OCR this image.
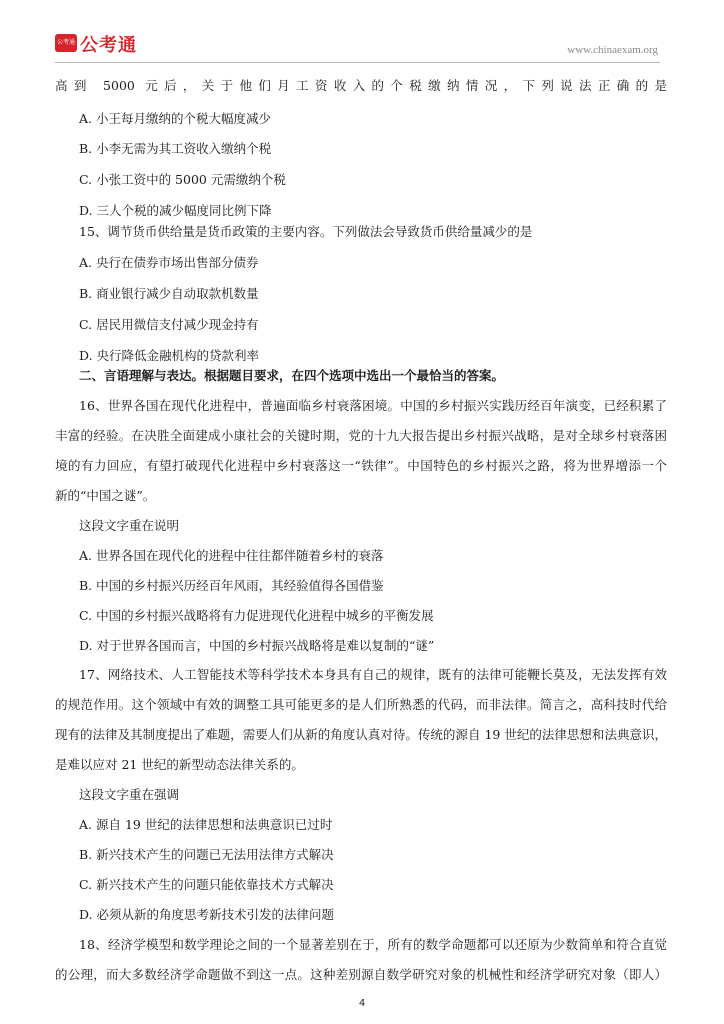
公考通 公考通	www.chinaexam.org
高到 5000 元后，关于他们月工资收入的个税缴纳情况，下列说法正确的是
A. 小王每月缴纳的个税大幅度减少
B. 小李无需为其工资收入缴纳个税
C. 小张工资中的 5000 元需缴纳个税
D. 三人个税的减少幅度同比例下降
15、调节货币供给量是货币政策的主要内容。下列做法会导致货币供给量减少的是
A. 央行在债券市场出售部分债券
B. 商业银行减少自动取款机数量
C. 居民用微信支付减少现金持有
D. 央行降低金融机构的贷款利率
二、言语理解与表达。根据题目要求，在四个选项中选出一个最恰当的答案。
16、世界各国在现代化进程中，普遍面临乡村衰落困境。中国的乡村振兴实践历经百年演变，已经积累了
丰富的经验。在决胜全面建成小康社会的关键时期，党的十九大报告提出乡村振兴战略，是对全球乡村衰落困
境的有力回应，有望打破现代化进程中乡村衰落这一“铁律”。中国特色的乡村振兴之路，将为世界增添一个
新的“中国之谜”。
这段文字重在说明
A. 世界各国在现代化的进程中往往都伴随着乡村的衰落
B. 中国的乡村振兴历经百年风雨，其经验值得各国借鉴
C. 中国的乡村振兴战略将有力促进现代化进程中城乡的平衡发展
D. 对于世界各国而言，中国的乡村振兴战略将是难以复制的“谜”
17、网络技术、人工智能技术等科学技术本身具有自己的规律，既有的法律可能鞭长莫及，无法发挥有效
的规范作用。这个领域中有效的调整工具可能更多的是人们所熟悉的代码，而非法律。简言之，高科技时代给
现有的法律及其制度提出了难题，需要人们从新的角度认真对待。传统的源自 19 世纪的法律思想和法典意识，
是难以应对 21 世纪的新型动态法律关系的。
这段文字重在强调
A. 源自 19 世纪的法律思想和法典意识已过时
B. 新兴技术产生的问题已无法用法律方式解决
C. 新兴技术产生的问题只能依靠技术方式解决
D. 必须从新的角度思考新技术引发的法律问题
18、经济学模型和数学理论之间的一个显著差别在于，所有的数学命题都可以还原为少数简单和符合直觉
的公理，而大多数经济学命题做不到这一点。这种差别源自数学研究对象的机械性和经济学研究对象（即人）
4
